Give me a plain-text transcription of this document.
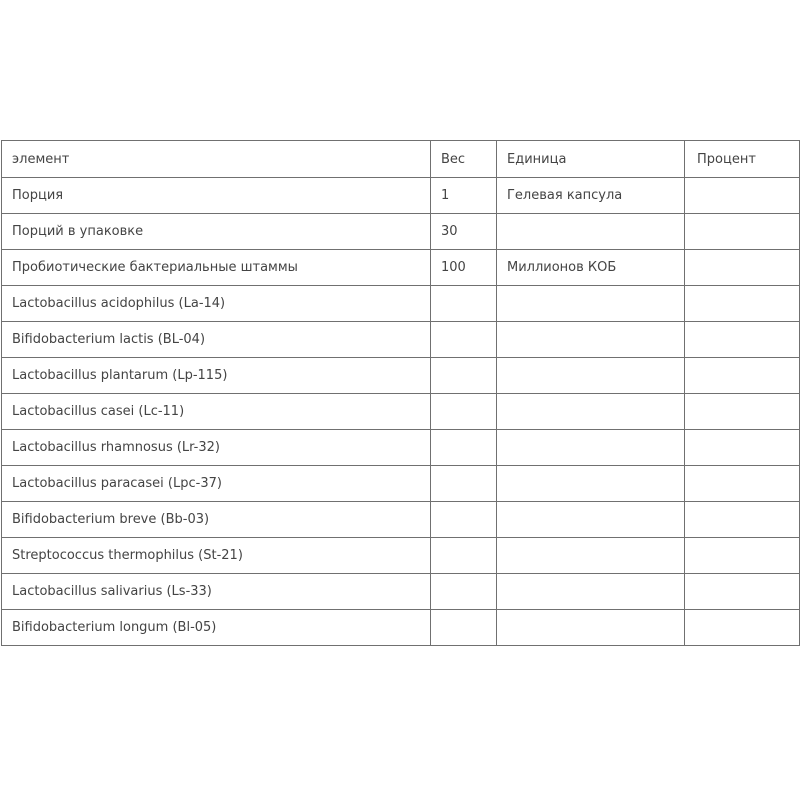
элемент	Вес	Единица	Процент
Порция	1	Гелевая капсула	
Порций в упаковке	30		
Пробиотические бактериальные штаммы	100	Миллионов КОБ	
Lactobacillus acidophilus (La-14)			
Bifidobacterium lactis (BL-04)			
Lactobacillus plantarum (Lp-115)			
Lactobacillus casei (Lc-11)			
Lactobacillus rhamnosus (Lr-32)			
Lactobacillus paracasei (Lpc-37)			
Bifidobacterium breve (Bb-03)			
Streptococcus thermophilus (St-21)			
Lactobacillus salivarius (Ls-33)			
Bifidobacterium longum (Bl-05)			
